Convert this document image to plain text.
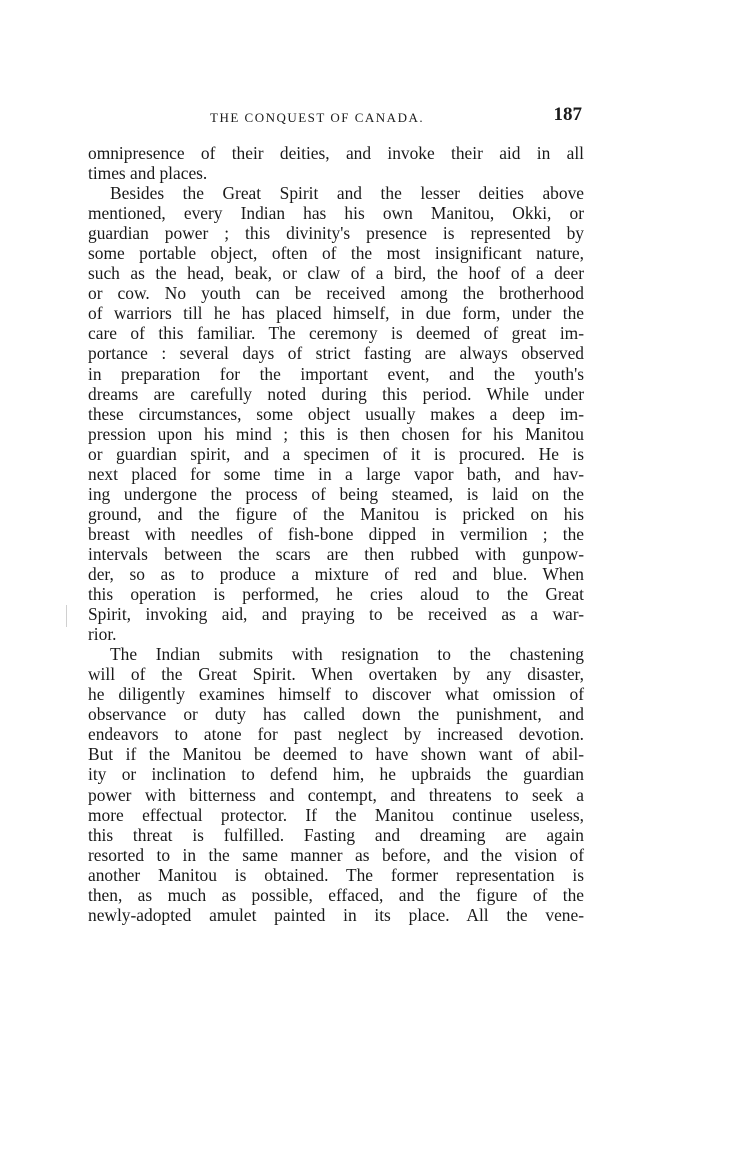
THE CONQUEST OF CANADA.	187
omnipresence of their deities, and invoke their aid in all
times and places.
Besides the Great Spirit and the lesser deities above
mentioned, every Indian has his own Manitou, Okki, or
guardian power ; this divinity's presence is represented by
some portable object, often of the most insignificant nature,
such as the head, beak, or claw of a bird, the hoof of a deer
or cow. No youth can be received among the brotherhood
of warriors till he has placed himself, in due form, under the
care of this familiar. The ceremony is deemed of great im-
portance : several days of strict fasting are always observed
in preparation for the important event, and the youth's
dreams are carefully noted during this period. While under
these circumstances, some object usually makes a deep im-
pression upon his mind ; this is then chosen for his Manitou
or guardian spirit, and a specimen of it is procured. He is
next placed for some time in a large vapor bath, and hav-
ing undergone the process of being steamed, is laid on the
ground, and the figure of the Manitou is pricked on his
breast with needles of fish-bone dipped in vermilion ; the
intervals between the scars are then rubbed with gunpow-
der, so as to produce a mixture of red and blue. When
this operation is performed, he cries aloud to the Great
Spirit, invoking aid, and praying to be received as a war-
rior.
The Indian submits with resignation to the chastening
will of the Great Spirit. When overtaken by any disaster,
he diligently examines himself to discover what omission of
observance or duty has called down the punishment, and
endeavors to atone for past neglect by increased devotion.
But if the Manitou be deemed to have shown want of abil-
ity or inclination to defend him, he upbraids the guardian
power with bitterness and contempt, and threatens to seek a
more effectual protector. If the Manitou continue useless,
this threat is fulfilled. Fasting and dreaming are again
resorted to in the same manner as before, and the vision of
another Manitou is obtained. The former representation is
then, as much as possible, effaced, and the figure of the
newly-adopted amulet painted in its place. All the vene-
